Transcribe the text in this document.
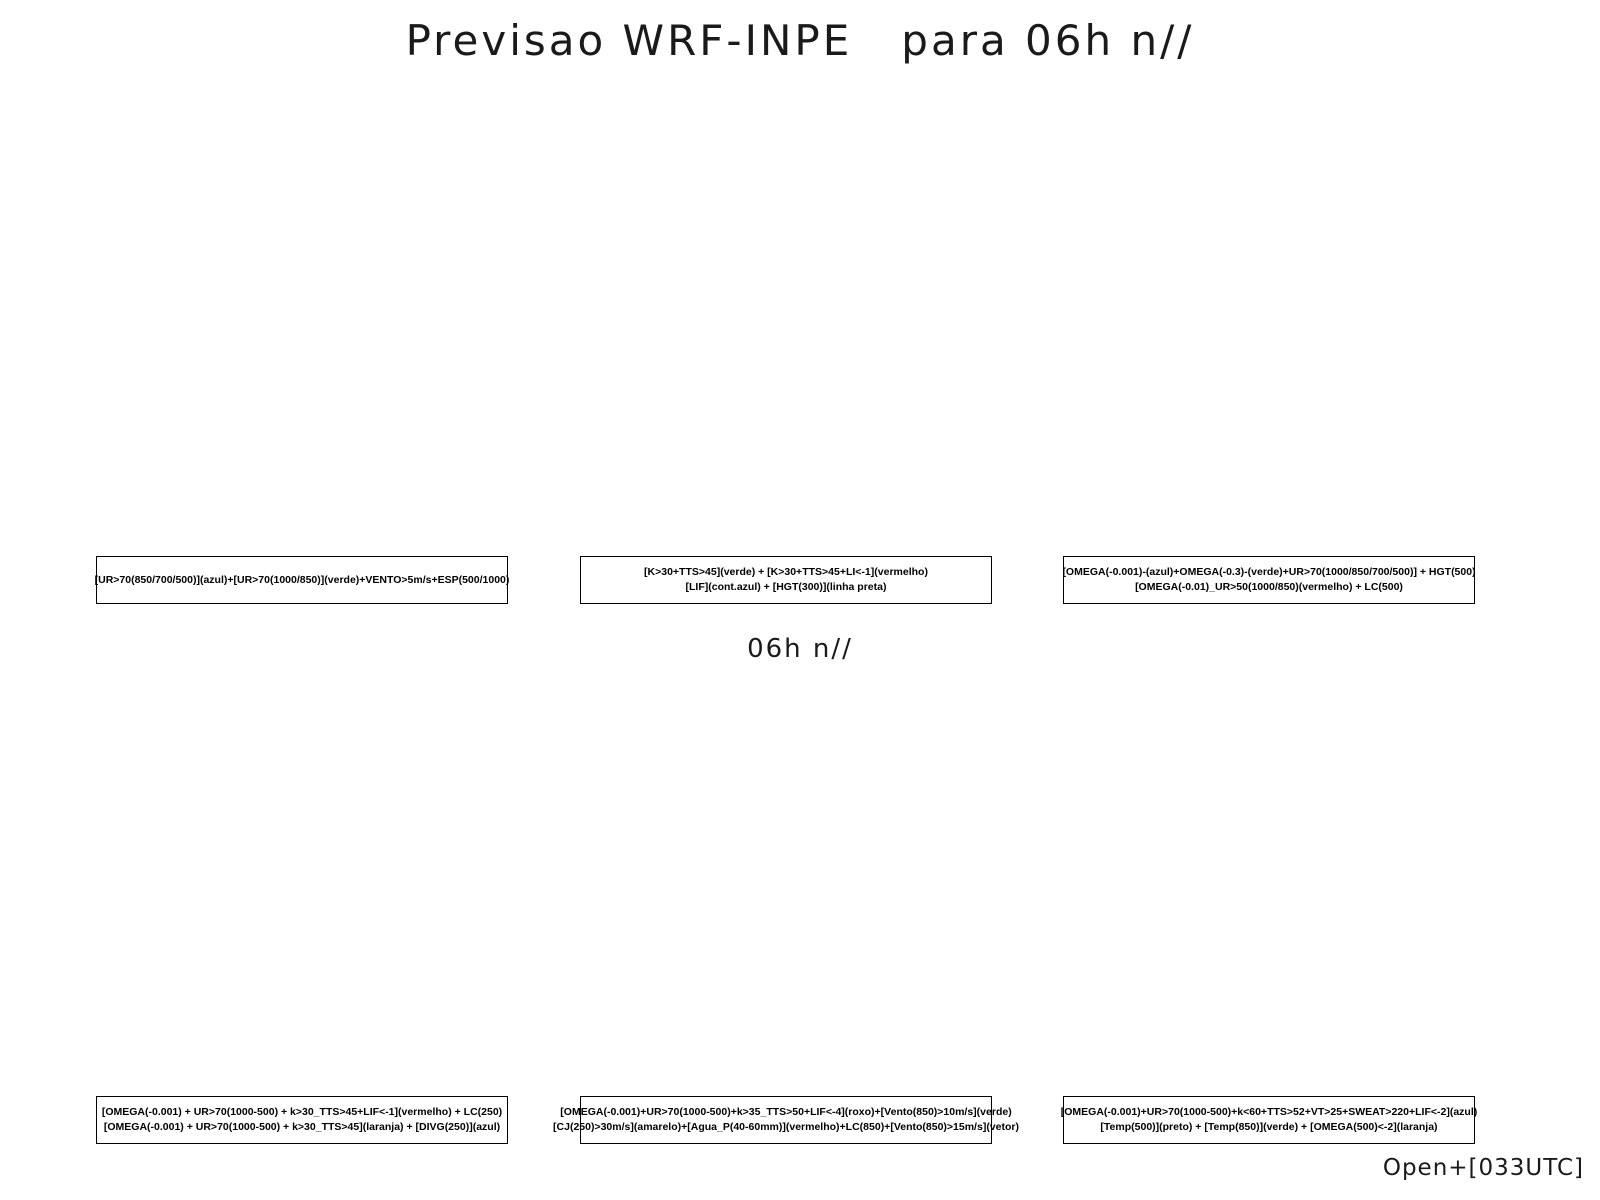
Previsao WRF-INPE   para 06h n//
[UR>70(850/700/500)](azul)+[UR>70(1000/850)](verde)+VENTO>5m/s+ESP(500/1000)
[K>30+TTS>45](verde) + [K>30+TTS>45+LI<-1](vermelho)
[LIF](cont.azul) + [HGT(300)](linha preta)
[OMEGA(-0.001)-(azul)+OMEGA(-0.3)-(verde)+UR>70(1000/850/700/500)] + HGT(500)
[OMEGA(-0.01)_UR>50(1000/850)(vermelho) + LC(500)
06h n//
[OMEGA(-0.001) + UR>70(1000-500) + k>30_TTS>45+LIF<-1](vermelho) + LC(250)
[OMEGA(-0.001) + UR>70(1000-500) + k>30_TTS>45](laranja) + [DIVG(250)](azul)
[OMEGA(-0.001)+UR>70(1000-500)+k>35_TTS>50+LIF<-4](roxo)+[Vento(850)>10m/s](verde)
[CJ(250)>30m/s](amarelo)+[Agua_P(40-60mm)](vermelho)+LC(850)+[Vento(850)>15m/s](vetor)
[OMEGA(-0.001)+UR>70(1000-500)+k<60+TTS>52+VT>25+SWEAT>220+LIF<-2](azul)
[Temp(500)](preto) + [Temp(850)](verde) + [OMEGA(500)<-2](laranja)
Open+[033UTC]
